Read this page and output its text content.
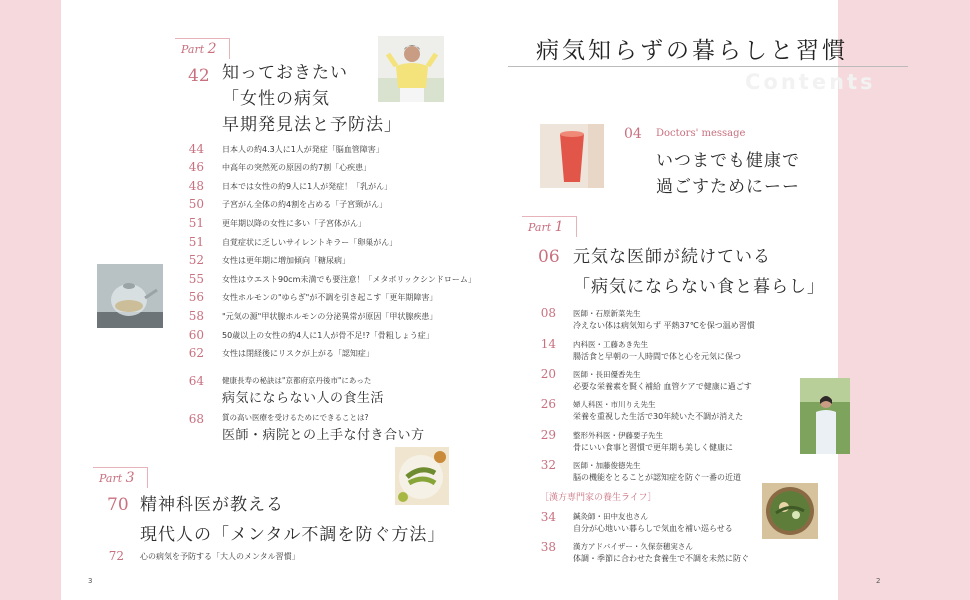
Part 2
42 知っておきたい
「女性の病気
早期発見法と予防法」
44 日本人の約4.3人に1人が発症「脳血管障害」
46 中高年の突然死の原因の約7割「心疾患」
48 日本では女性の約9人に1人が発症！「乳がん」
50 子宮がん全体の約4割を占める「子宮頸がん」
51 更年期以降の女性に多い「子宮体がん」
51 自覚症状に乏しいサイレントキラー「卵巣がん」
52 女性は更年期に増加傾向「糖尿病」
55 女性はウエスト90cm未満でも要注意！「メタボリックシンドローム」
56 女性ホルモンの"ゆらぎ"が不調を引き起こす「更年期障害」
58 "元気の源"甲状腺ホルモンの分泌異常が原因「甲状腺疾患」
60 50歳以上の女性の約4人に1人が骨不足!?「骨粗しょう症」
62 女性は閉経後にリスクが上がる「認知症」
64 健康長寿の秘訣は"京都府京丹後市"にあった
病気にならない人の食生活
68 質の高い医療を受けるためにできることは?
医師・病院との上手な付き合い方
Part 3
70 精神科医が教える
現代人の「メンタル不調を防ぐ方法」
72 心の病気を予防する「大人のメンタル習慣」
3
病気知らずの暮らしと習慣
Contents
04 Doctors' message
いつまでも健康で
過ごすためにーー
Part 1
06 元気な医師が続けている
「病気にならない食と暮らし」
08 医師・石原新菜先生
冷えない体は病気知らず 平熱37℃を保つ温め習慣
14 内科医・工藤あき先生
腸活食と早朝の一人時間で体と心を元気に保つ
20 医師・長田優香先生
必要な栄養素を賢く補給 血管ケアで健康に過ごす
26 婦人科医・市川りえ先生
栄養を重視した生活で30年続いた不調が消えた
29 整形外科医・伊藤要子先生
骨にいい食事と習慣で更年期も美しく健康に
32 医師・加藤俊徳先生
脳の機能をとることが認知症を防ぐ一番の近道
［漢方専門家の養生ライフ］
34 鍼灸師・田中友也さん
自分が心地いい暮らしで気血を補い巡らせる
38 漢方アドバイザー・久保奈穂実さん
体調・季節に合わせた食養生で不調を未然に防ぐ
2
